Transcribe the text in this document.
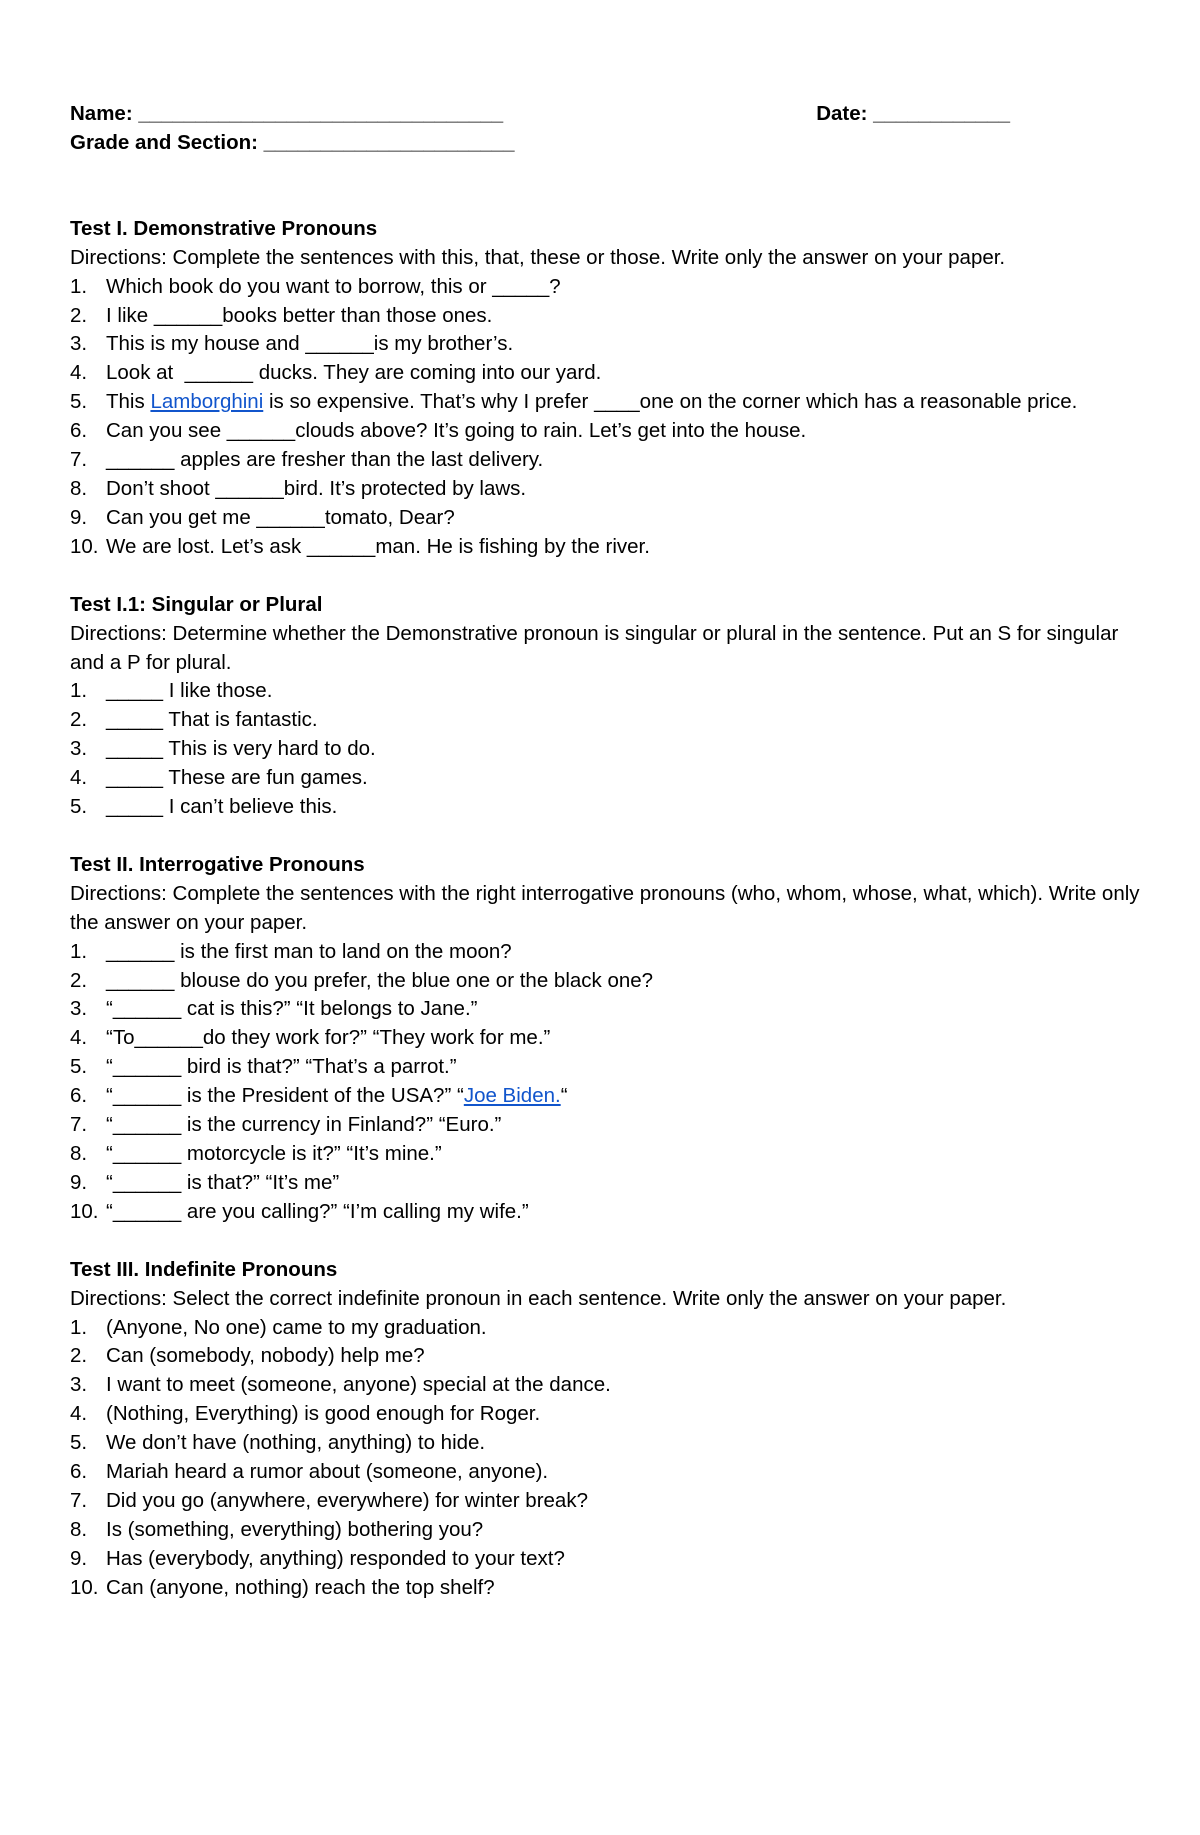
Name: ________________________________	Date: ____________
Grade and Section: ______________________
Test I. Demonstrative Pronouns
Directions: Complete the sentences with this, that, these or those. Write only the answer on your paper.
1. Which book do you want to borrow, this or _____?
2. I like ______books better than those ones.
3. This is my house and ______is my brother’s.
4. Look at  ______ ducks. They are coming into our yard.
5. This Lamborghini is so expensive. That’s why I prefer ____one on the corner which has a reasonable price.
6. Can you see ______clouds above? It’s going to rain. Let’s get into the house.
7. ______ apples are fresher than the last delivery.
8. Don’t shoot ______bird. It’s protected by laws.
9. Can you get me ______tomato, Dear?
10. We are lost. Let’s ask ______man. He is fishing by the river.
Test I.1: Singular or Plural
Directions: Determine whether the Demonstrative pronoun is singular or plural in the sentence. Put an S for singular and a P for plural.
1. _____ I like those.
2. _____ That is fantastic.
3. _____ This is very hard to do.
4. _____ These are fun games.
5. _____ I can’t believe this.
Test II. Interrogative Pronouns
Directions: Complete the sentences with the right interrogative pronouns (who, whom, whose, what, which). Write only the answer on your paper.
1. ______ is the first man to land on the moon?
2. ______ blouse do you prefer, the blue one or the black one?
3. “______ cat is this?” “It belongs to Jane.”
4. “To______do they work for?” “They work for me.”
5. “______ bird is that?” “That’s a parrot.”
6. “______ is the President of the USA?” “Joe Biden.“
7. “______ is the currency in Finland?” “Euro.”
8. “______ motorcycle is it?” “It’s mine.”
9. “______ is that?” “It’s me”
10. “______ are you calling?” “I’m calling my wife.”
Test III. Indefinite Pronouns
Directions: Select the correct indefinite pronoun in each sentence. Write only the answer on your paper.
1. (Anyone, No one) came to my graduation.
2. Can (somebody, nobody) help me?
3. I want to meet (someone, anyone) special at the dance.
4. (Nothing, Everything) is good enough for Roger.
5. We don’t have (nothing, anything) to hide.
6. Mariah heard a rumor about (someone, anyone).
7. Did you go (anywhere, everywhere) for winter break?
8. Is (something, everything) bothering you?
9. Has (everybody, anything) responded to your text?
10. Can (anyone, nothing) reach the top shelf?
